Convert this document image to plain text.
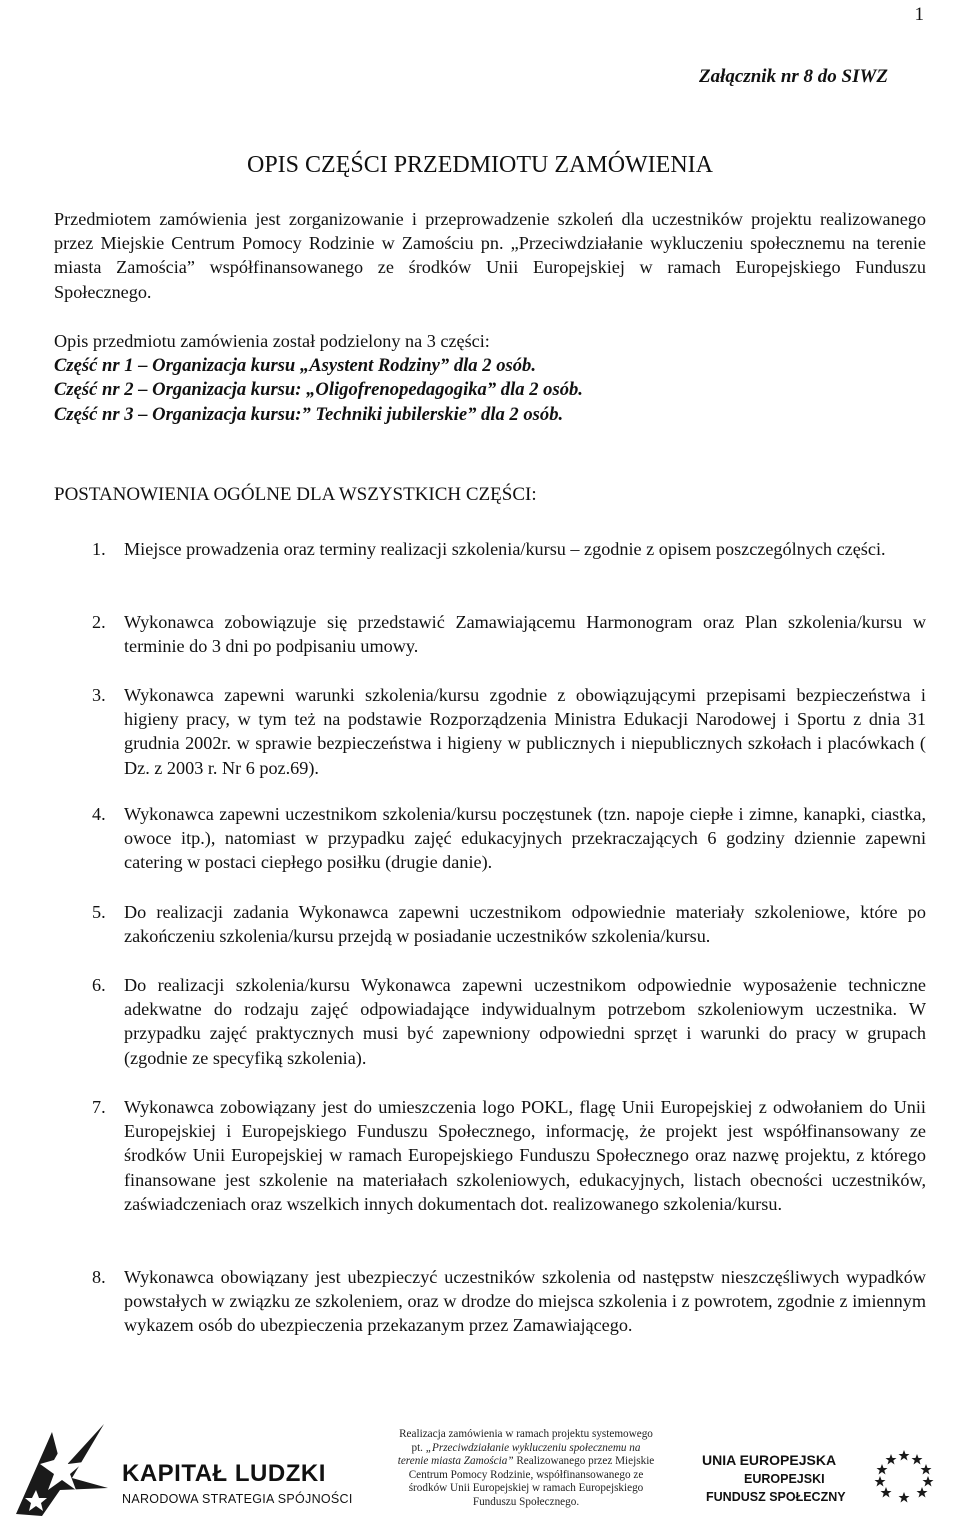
1
Załącznik nr 8 do SIWZ
OPIS CZĘŚCI PRZEDMIOTU ZAMÓWIENIA
Przedmiotem zamówienia jest zorganizowanie i przeprowadzenie szkoleń dla uczestników projektu realizowanego przez Miejskie Centrum Pomocy Rodzinie w Zamościu pn. „Przeciwdziałanie wykluczeniu społecznemu na terenie miasta Zamościa” współfinansowanego ze środków Unii Europejskiej w ramach Europejskiego Funduszu Społecznego.
Opis przedmiotu zamówienia został podzielony na 3 części:
Część nr 1 – Organizacja kursu „Asystent Rodziny” dla 2 osób.
Część nr 2 – Organizacja kursu: „Oligofrenopedagogika” dla 2 osób.
Część nr 3 – Organizacja kursu:” Techniki jubilerskie” dla 2 osób.
POSTANOWIENIA OGÓLNE DLA WSZYSTKICH CZĘŚCI:
1. Miejsce prowadzenia oraz terminy realizacji szkolenia/kursu – zgodnie z opisem poszczególnych części.
2. Wykonawca zobowiązuje się przedstawić Zamawiającemu Harmonogram oraz Plan szkolenia/kursu w terminie do 3 dni po podpisaniu umowy.
3. Wykonawca zapewni warunki szkolenia/kursu zgodnie z obowiązującymi przepisami bezpieczeństwa i higieny pracy, w tym też na podstawie Rozporządzenia Ministra Edukacji Narodowej i Sportu z dnia 31 grudnia 2002r. w sprawie bezpieczeństwa i higieny w publicznych i niepublicznych szkołach i placówkach ( Dz. z 2003 r. Nr 6 poz.69).
4. Wykonawca zapewni uczestnikom szkolenia/kursu poczęstunek (tzn. napoje ciepłe i zimne, kanapki, ciastka, owoce itp.), natomiast w przypadku zajęć edukacyjnych przekraczających 6 godziny dziennie zapewni catering w postaci ciepłego posiłku (drugie danie).
5. Do realizacji zadania Wykonawca zapewni uczestnikom odpowiednie materiały szkoleniowe, które po zakończeniu szkolenia/kursu przejdą w posiadanie uczestników szkolenia/kursu.
6. Do realizacji szkolenia/kursu Wykonawca zapewni uczestnikom odpowiednie wyposażenie techniczne adekwatne do rodzaju zajęć odpowiadające indywidualnym potrzebom szkoleniowym uczestnika. W przypadku zajęć praktycznych musi być zapewniony odpowiedni sprzęt i warunki do pracy w grupach (zgodnie ze specyfiką szkolenia).
7. Wykonawca zobowiązany jest do umieszczenia logo POKL, flagę Unii Europejskiej z odwołaniem do Unii Europejskiej i Europejskiego Funduszu Społecznego, informację, że projekt jest współfinansowany ze środków Unii Europejskiej w ramach Europejskiego Funduszu Społecznego oraz nazwę projektu, z którego finansowane jest szkolenie na materiałach szkoleniowych, edukacyjnych, listach obecności uczestników, zaświadczeniach oraz wszelkich innych dokumentach dot. realizowanego szkolenia/kursu.
8. Wykonawca obowiązany jest ubezpieczyć uczestników szkolenia od następstw nieszczęśliwych wypadków powstałych w związku ze szkoleniem, oraz w drodze do miejsca szkolenia i z powrotem, zgodnie z imiennym wykazem osób do ubezpieczenia przekazanym przez Zamawiającego.
KAPITAŁ LUDZKI
NARODOWA STRATEGIA SPÓJNOŚCI
Realizacja zamówienia w ramach projektu systemowego pt. „Przeciwdziałanie wykluczeniu społecznemu na terenie miasta Zamościa” Realizowanego przez Miejskie Centrum Pomocy Rodzinie, współfinansowanego ze środków Unii Europejskiej w ramach Europejskiego Funduszu Społecznego.
UNIA EUROPEJSKA
EUROPEJSKI
FUNDUSZ SPOŁECZNY
